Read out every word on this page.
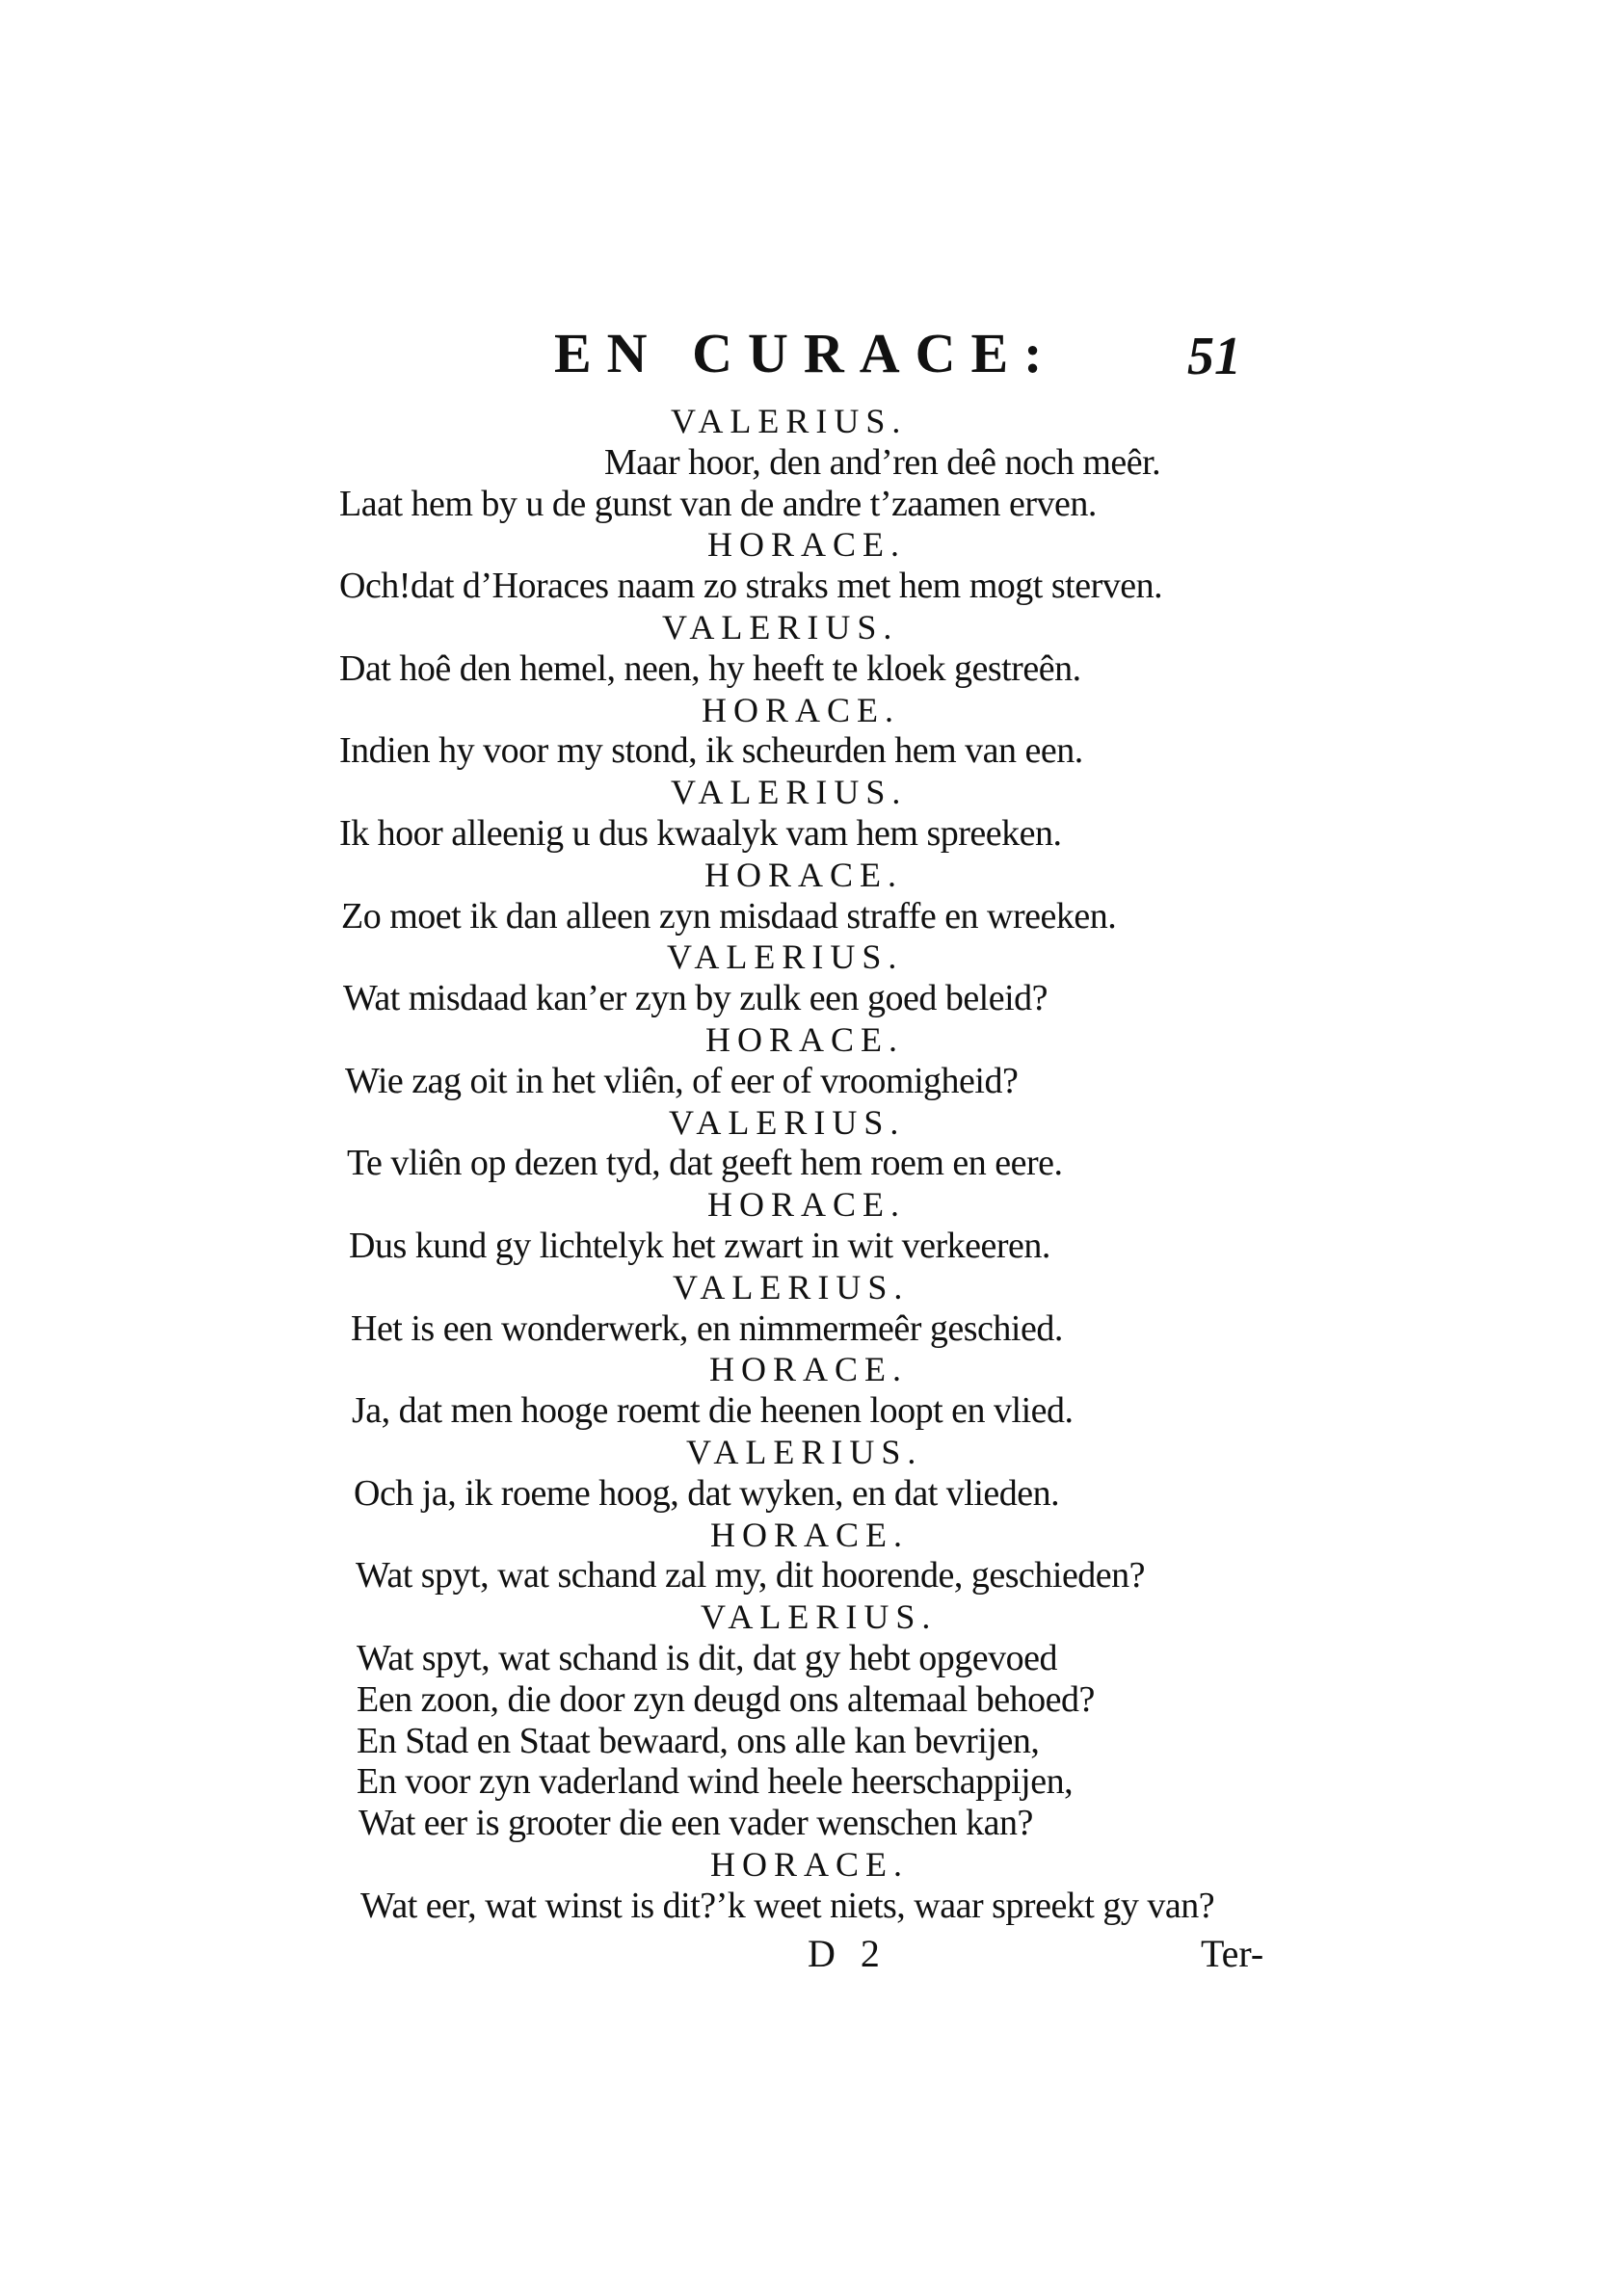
EN CURACE: 51
VALERIUS.
Maar hoor, den and’ren deê noch meêr.
Laat hem by u de gunst van de andre t’zaamen erven.
HORACE.
Och!dat d’Horaces naam zo straks met hem mogt sterven.
VALERIUS.
Dat hoê den hemel, neen, hy heeft te kloek gestreên.
HORACE.
Indien hy voor my stond, ik scheurden hem van een.
VALERIUS.
Ik hoor alleenig u dus kwaalyk vam hem spreeken.
HORACE.
Zo moet ik dan alleen zyn misdaad straffe en wreeken.
VALERIUS.
Wat misdaad kan’er zyn by zulk een goed beleid?
HORACE.
Wie zag oit in het vliên, of eer of vroomigheid?
VALERIUS.
Te vliên op dezen tyd, dat geeft hem roem en eere.
HORACE.
Dus kund gy lichtelyk het zwart in wit verkeeren.
VALERIUS.
Het is een wonderwerk, en nimmermeêr geschied.
HORACE.
Ja, dat men hooge roemt die heenen loopt en vlied.
VALERIUS.
Och ja, ik roeme hoog, dat wyken, en dat vlieden.
HORACE.
Wat spyt, wat schand zal my, dit hoorende, geschieden?
VALERIUS.
Wat spyt, wat schand is dit, dat gy hebt opgevoed
Een zoon, die door zyn deugd ons altemaal behoed?
En Stad en Staat bewaard, ons alle kan bevrijen,
En voor zyn vaderland wind heele heerschappijen,
Wat eer is grooter die een vader wenschen kan?
HORACE.
Wat eer, wat winst is dit?’k weet niets, waar spreekt gy van?
D 2	Ter-
